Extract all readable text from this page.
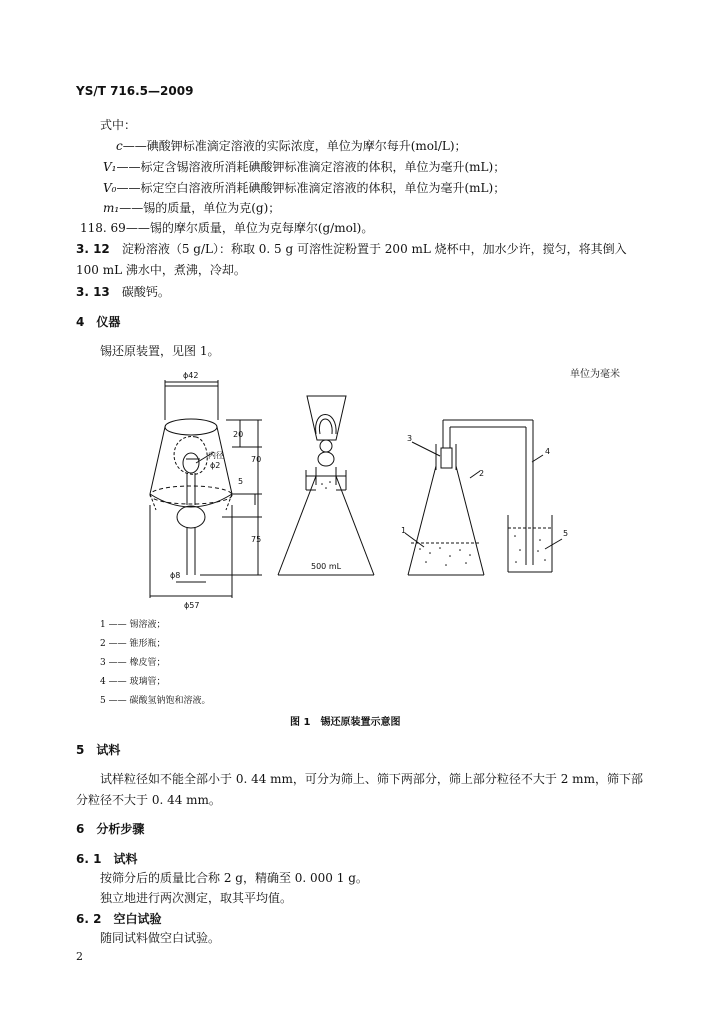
YS/T 716.5—2009
式中：
c——碘酸钾标准滴定溶液的实际浓度，单位为摩尔每升(mol/L)；
V₁——标定含锡溶液所消耗碘酸钾标准滴定溶液的体积，单位为毫升(mL)；
V₀——标定空白溶液所消耗碘酸钾标准滴定溶液的体积，单位为毫升(mL)；
m₁——锡的质量，单位为克(g)；
118. 69——锡的摩尔质量，单位为克每摩尔(g/mol)。
3. 12　 淀粉溶液（5 g/L）：称取 0. 5 g 可溶性淀粉置于 200 mL 烧杯中，加水少许，搅匀，将其倒入
100 mL 沸水中，煮沸，冷却。
3. 13　 碳酸钙。
4　 仪器
锡还原装置，见图 1。
单位为毫米
ϕ42
20
内径
ϕ2
70
5
75
ϕ8
ϕ57
500 mL
1
2
3
4
5
1 —— 锡溶液；
2 —— 锥形瓶；
3 —— 橡皮管；
4 —— 玻璃管；
5 —— 碳酸氢钠饱和溶液。
图 1　锡还原装置示意图
5　 试料
试样粒径如不能全部小于 0. 44 mm，可分为筛上、筛下两部分，筛上部分粒径不大于 2 mm，筛下部
分粒径不大于 0. 44 mm。
6　 分析步骤
6. 1　 试料
按筛分后的质量比合称 2 g，精确至 0. 000 1 g。
独立地进行两次测定，取其平均值。
6. 2　 空白试验
随同试料做空白试验。
2
